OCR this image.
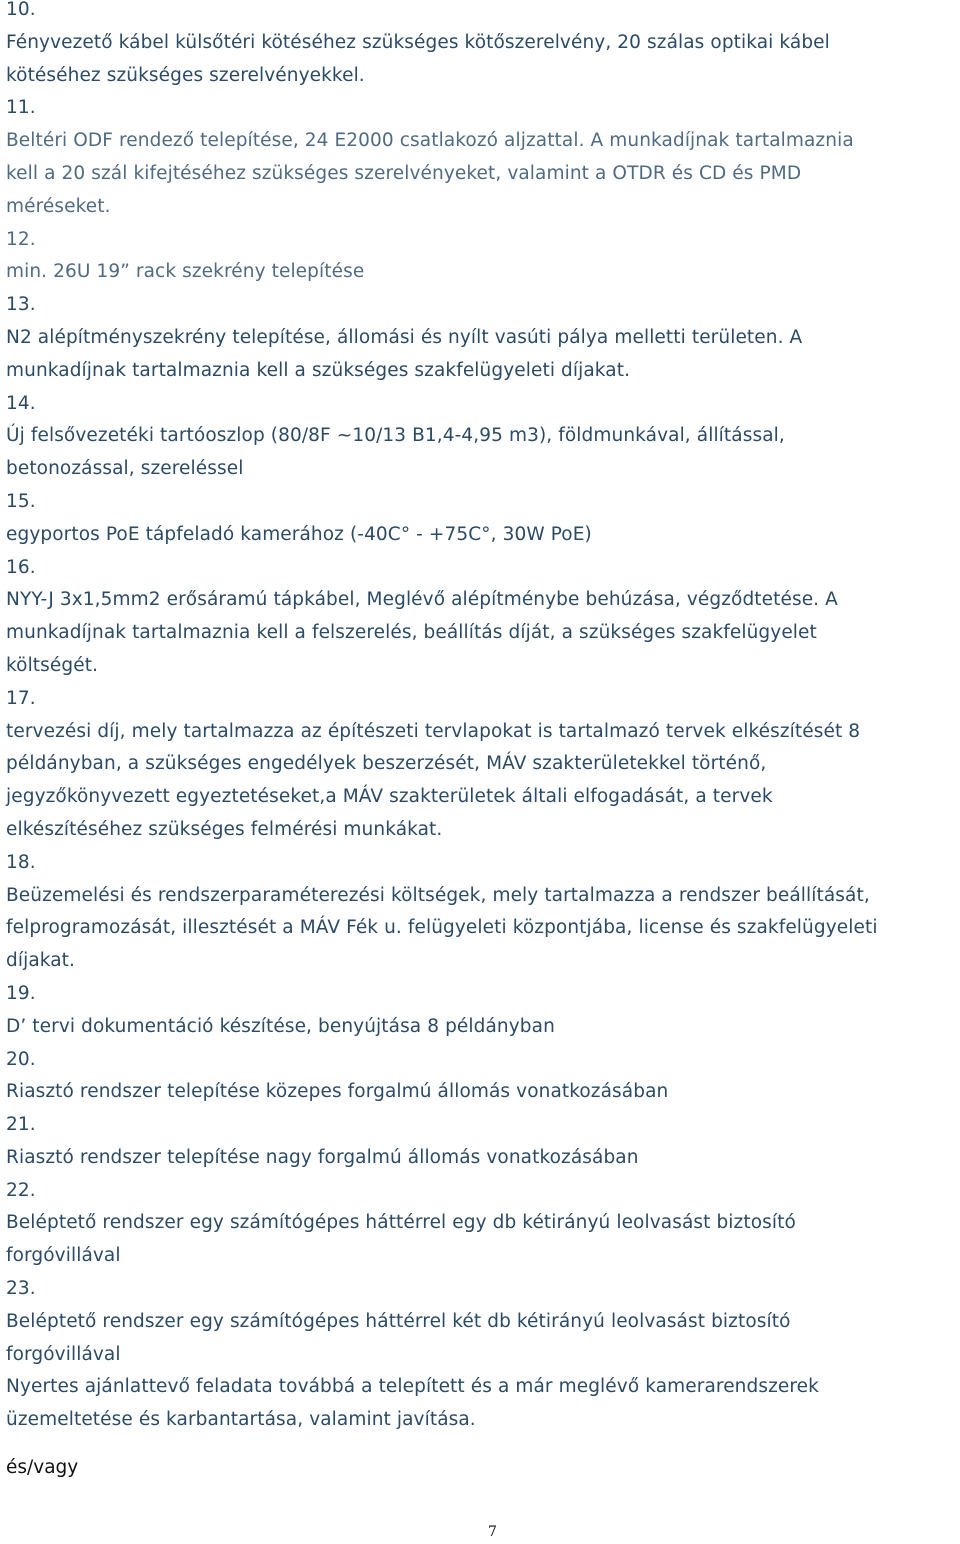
10.
Fényvezető kábel külsőtéri kötéséhez szükséges kötőszerelvény, 20 szálas optikai kábel
kötéséhez szükséges szerelvényekkel.
11.
Beltéri ODF rendező telepítése, 24 E2000 csatlakozó aljzattal. A munkadíjnak tartalmaznia
kell a 20 szál kifejtéséhez szükséges szerelvényeket, valamint a OTDR és CD és PMD
méréseket.
12.
min. 26U 19” rack szekrény telepítése
13.
N2 alépítményszekrény telepítése, állomási és nyílt vasúti pálya melletti területen. A
munkadíjnak tartalmaznia kell a szükséges szakfelügyeleti díjakat.
14.
Új felsővezetéki tartóoszlop (80/8F ~10/13 B1,4-4,95 m3), földmunkával, állítással,
betonozással, szereléssel
15.
egyportos PoE tápfeladó kamerához (-40C° - +75C°, 30W PoE)
16.
NYY-J 3x1,5mm2 erősáramú tápkábel, Meglévő alépítménybe behúzása, végződtetése. A
munkadíjnak tartalmaznia kell a felszerelés, beállítás díját, a szükséges szakfelügyelet
költségét.
17.
tervezési díj, mely tartalmazza az építészeti tervlapokat is tartalmazó tervek elkészítését 8
példányban, a szükséges engedélyek beszerzését, MÁV szakterületekkel történő,
jegyzőkönyvezett egyeztetéseket,a MÁV szakterületek általi elfogadását, a tervek
elkészítéséhez szükséges felmérési munkákat.
18.
Beüzemelési és rendszerparaméterezési költségek, mely tartalmazza a rendszer beállítását,
felprogramozását, illesztését a MÁV Fék u. felügyeleti központjába, license és szakfelügyeleti
díjakat.
19.
D’ tervi dokumentáció készítése, benyújtása 8 példányban
20.
Riasztó rendszer telepítése közepes forgalmú állomás vonatkozásában
21.
Riasztó rendszer telepítése nagy forgalmú állomás vonatkozásában
22.
Beléptető rendszer egy számítógépes háttérrel egy db kétirányú leolvasást biztosító
forgóvillával
23.
Beléptető rendszer egy számítógépes háttérrel két db kétirányú leolvasást biztosító
forgóvillával
Nyertes ajánlattevő feladata továbbá a telepített és a már meglévő kamerarendszerek
üzemeltetése és karbantartása, valamint javítása.
és/vagy
7
